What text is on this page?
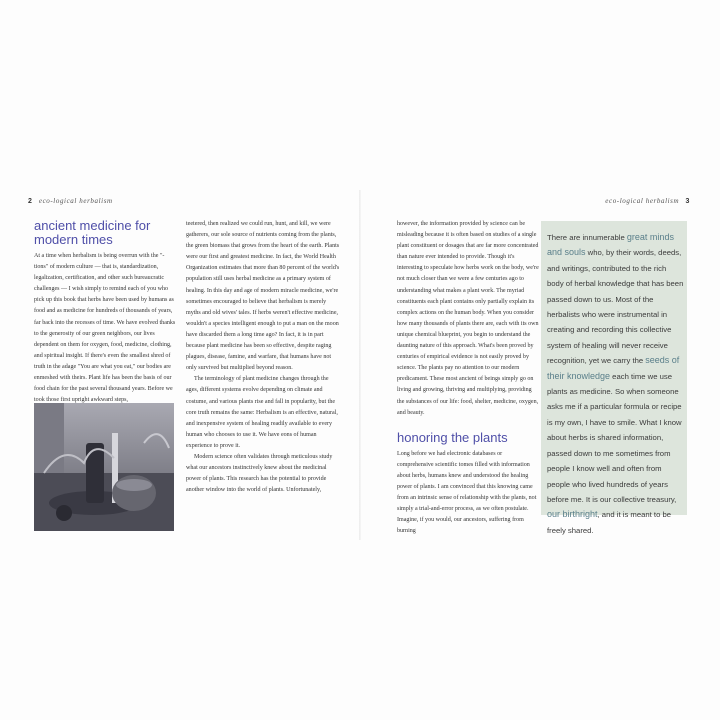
2 eco-logical herbalism	eco-logical herbalism 3
ancient medicine for modern times

At a time when herbalism is being overrun with the "-tions" of modern culture — that is, standardization, legalization, certification, and other such bureaucratic challenges — I wish simply to remind each of you who pick up this book that herbs have been used by humans as food and as medicine for hundreds of thousands of years, far back into the recesses of time. We have evolved thanks to the generosity of our green neighbors, our lives dependent on them for oxygen, food, medicine, clothing, and spiritual insight. If there's even the smallest shred of truth in the adage "You are what you eat," our bodies are enmeshed with theirs. Plant life has been the basis of our food chain for the past several thousand years. Before we took those first upright awkward steps,

teetered, then realized we could run, hunt, and kill, we were gatherers, our sole source of nutrients coming from the plants, the green biomass that grows from the heart of the earth. Plants were our first and greatest medicine. In fact, the World Health Organization estimates that more than 80 percent of the world's population still uses herbal medicine as a primary system of healing. In this day and age of modern miracle medicine, we're sometimes encouraged to believe that herbalism is merely myths and old wives' tales. If herbs weren't effective medicine, wouldn't a species intelligent enough to put a man on the moon have discarded them a long time ago? In fact, it is in part because plant medicine has been so effective, despite raging plagues, disease, famine, and warfare, that humans have not only survived but multiplied beyond reason.

The terminology of plant medicine changes through the ages, different systems evolve depending on climate and costume, and various plants rise and fall in popularity, but the core truth remains the same: Herbalism is an effective, natural, and inexpensive system of healing readily available to every human who chooses to use it. We have eons of human experience to prove it.

Modern science often validates through meticulous study what our ancestors instinctively knew about the medicinal power of plants. This research has the potential to provide another window into the world of plants. Unfortunately,

however, the information provided by science can be misleading because it is often based on studies of a single plant constituent or dosages that are far more concentrated than nature ever intended to provide. Though it's interesting to speculate how herbs work on the body, we're not much closer than we were a few centuries ago to understanding what makes a plant work. The myriad constituents each plant contains only partially explain its complex actions on the human body. When you consider how many thousands of plants there are, each with its own unique chemical blueprint, you begin to understand the daunting nature of this approach. What's been proved by centuries of empirical evidence is not easily proved by science. The plants pay no attention to our modern predicament. These most ancient of beings simply go on living and growing, thriving and multiplying, providing the substances of our life: food, shelter, medicine, oxygen, and beauty.

honoring the plants

Long before we had electronic databases or comprehensive scientific tomes filled with information about herbs, humans knew and understood the healing power of plants. I am convinced that this knowing came from an intrinsic sense of relationship with the plants, not simply a trial-and-error process, as we often postulate. Imagine, if you would, our ancestors, suffering from burning

There are innumerable great minds and souls who, by their words, deeds, and writings, contributed to the rich body of herbal knowledge that has been passed down to us. Most of the herbalists who were instrumental in creating and recording this collective system of healing will never receive recognition, yet we carry the seeds of their knowledge each time we use plants as medicine. So when someone asks me if a particular formula or recipe is my own, I have to smile. What I know about herbs is shared information, passed down to me sometimes from people I know well and often from people who lived hundreds of years before me. It is our collective treasury, our birthright, and it is meant to be freely shared.
